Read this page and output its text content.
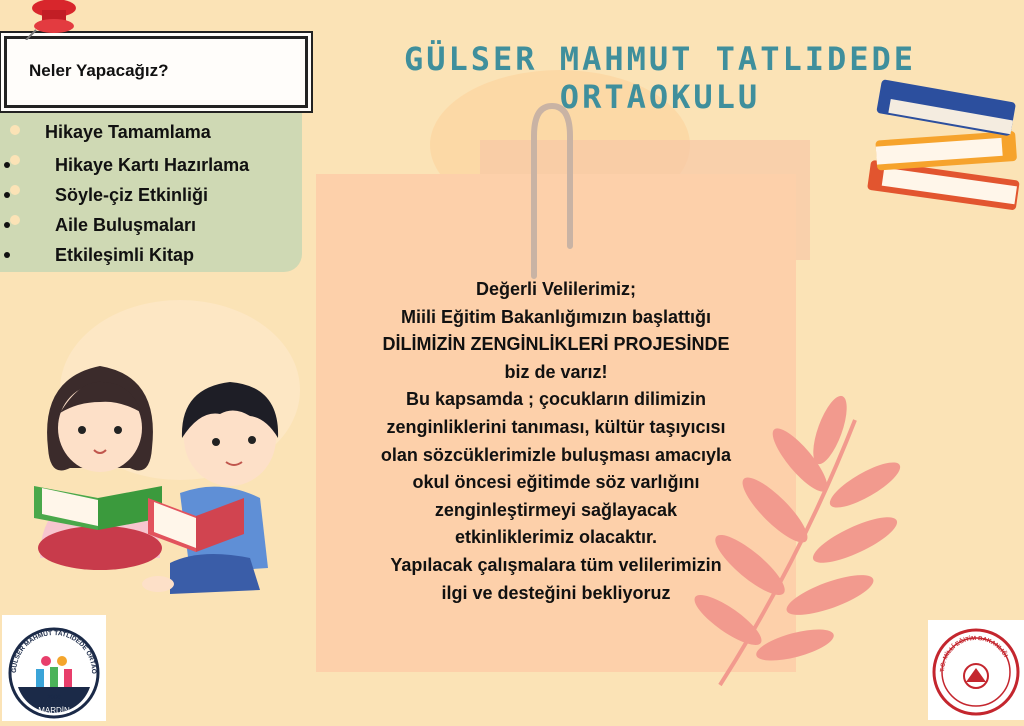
GÜLSER MAHMUT TATLIDEDE
ORTAOKULU
Hikaye Tamamlama
Hikaye Kartı Hazırlama
Söyle-çiz Etkinliği
Aile Buluşmaları
Etkileşimli Kitap
Neler Yapacağız?
Değerli Velilerimiz;
Miili Eğitim Bakanlığımızın başlattığı
DİLİMİZİN ZENGİNLİKLERİ PROJESİNDE
biz de varız!
Bu kapsamda ; çocukların dilimizin
zenginliklerini tanıması, kültür taşıyıcısı
olan sözcüklerimizle buluşması amacıyla
okul öncesi eğitimde söz varlığını
zenginleştirmeyi sağlayacak
etkinliklerimiz olacaktır.
Yapılacak çalışmalara tüm velilerimizin
ilgi ve desteğini bekliyoruz
GÜLSER MAHMUT TATLIDEDE ORTAO
2000
MARDİN
T.C. MİLLÎ EĞİTİM BAKANLIĞI
